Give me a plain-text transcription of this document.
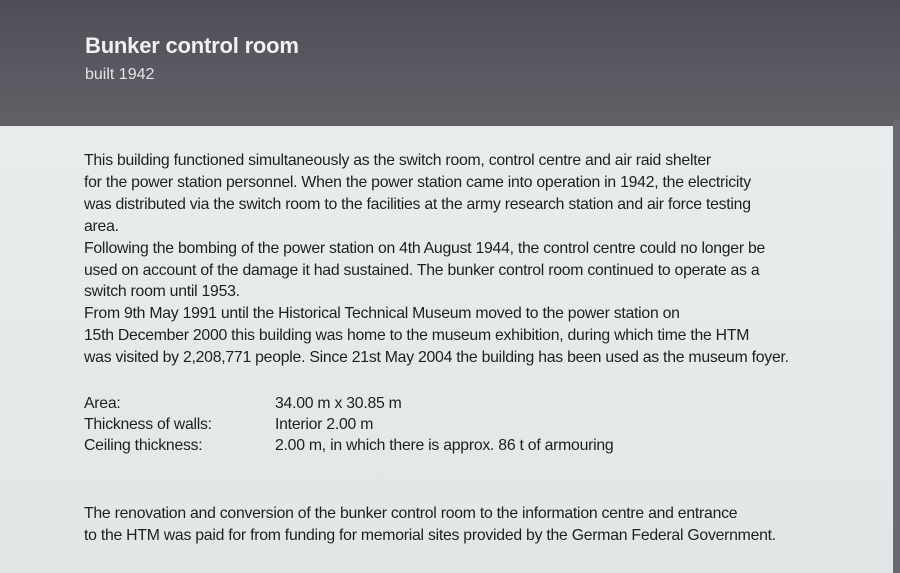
Bunker control room
built 1942

This building functioned simultaneously as the switch room, control centre and air raid shelter

for the power station personnel. When the power station came into operation in 1942, the electricity

was distributed via the switch room to the facilities at the army research station and air force testing

area.

Following the bombing of the power station on 4th August 1944, the control centre could no longer be

used on account of the damage it had sustained. The bunker control room continued to operate as a

switch room until 1953.

From 9th May 1991 until the Historical Technical Museum moved to the power station on

15th December 2000 this building was home to the museum exhibition, during which time the HTM

was visited by 2,208,771 people. Since 21st May 2004 the building has been used as the museum foyer.

Area:	34.00 m x 30.85 m
Thickness of walls:	Interior 2.00 m
Ceiling thickness:	2.00 m, in which there is approx. 86 t of armouring

The renovation and conversion of the bunker control room to the information centre and entrance

to the HTM was paid for from funding for memorial sites provided by the German Federal Government.
